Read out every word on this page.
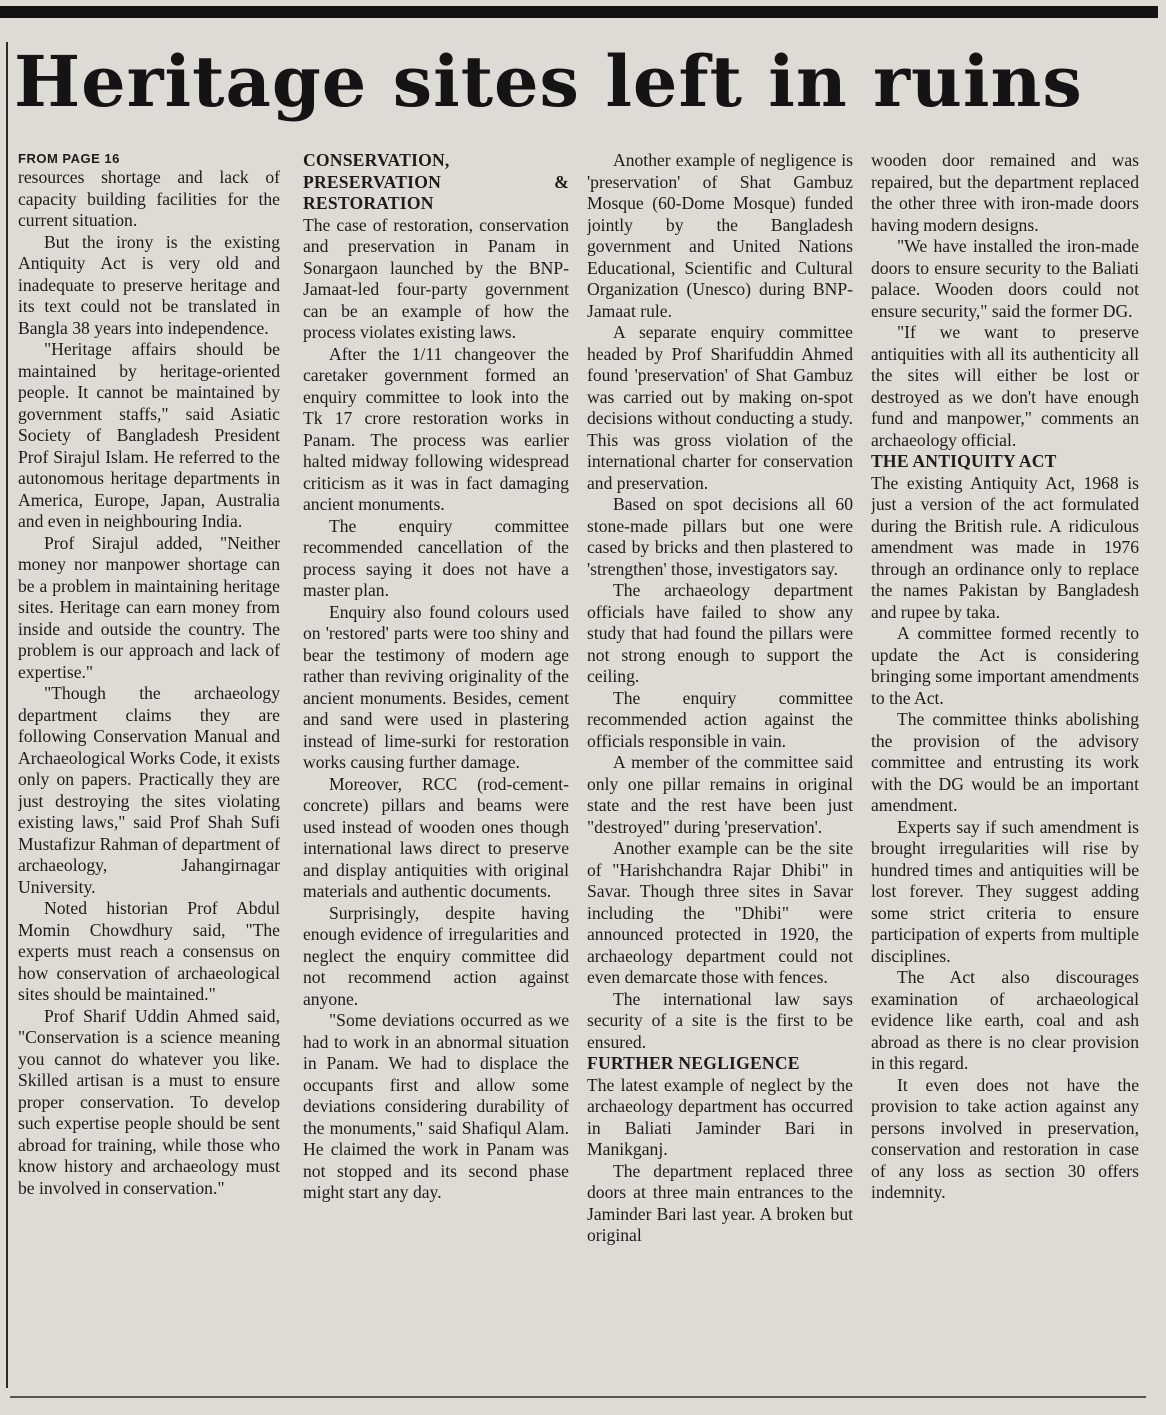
Heritage sites left in ruins
FROM PAGE 16

resources shortage and lack of capacity building facilities for the current situation.

But the irony is the existing Antiquity Act is very old and inadequate to preserve heritage and its text could not be translated in Bangla 38 years into independence.

"Heritage affairs should be maintained by heritage-oriented people. It cannot be maintained by government staffs," said Asiatic Society of Bangladesh President Prof Sirajul Islam. He referred to the autonomous heritage departments in America, Europe, Japan, Australia and even in neighbouring India.

Prof Sirajul added, "Neither money nor manpower shortage can be a problem in maintaining heritage sites. Heritage can earn money from inside and outside the country. The problem is our approach and lack of expertise."

"Though the archaeology department claims they are following Conservation Manual and Archaeological Works Code, it exists only on papers. Practically they are just destroying the sites violating existing laws," said Prof Shah Sufi Mustafizur Rahman of department of archaeology, Jahangirnagar University.

Noted historian Prof Abdul Momin Chowdhury said, "The experts must reach a consensus on how conservation of archaeological sites should be maintained."

Prof Sharif Uddin Ahmed said, "Conservation is a science meaning you cannot do whatever you like. Skilled artisan is a must to ensure proper conservation. To develop such expertise people should be sent abroad for training, while those who know history and archaeology must be involved in conservation."

CONSERVATION, PRESERVATION & RESTORATION

The case of restoration, conservation and preservation in Panam in Sonargaon launched by the BNP-Jamaat-led four-party government can be an example of how the process violates existing laws.

After the 1/11 changeover the caretaker government formed an enquiry committee to look into the Tk 17 crore restoration works in Panam. The process was earlier halted midway following widespread criticism as it was in fact damaging ancient monuments.

The enquiry committee recommended cancellation of the process saying it does not have a master plan.

Enquiry also found colours used on 'restored' parts were too shiny and bear the testimony of modern age rather than reviving originality of the ancient monuments. Besides, cement and sand were used in plastering instead of lime-surki for restoration works causing further damage.

Moreover, RCC (rod-cement-concrete) pillars and beams were used instead of wooden ones though international laws direct to preserve and display antiquities with original materials and authentic documents.

Surprisingly, despite having enough evidence of irregularities and neglect the enquiry committee did not recommend action against anyone.

"Some deviations occurred as we had to work in an abnormal situation in Panam. We had to displace the occupants first and allow some deviations considering durability of the monuments," said Shafiqul Alam. He claimed the work in Panam was not stopped and its second phase might start any day.

Another example of negligence is 'preservation' of Shat Gambuz Mosque (60-Dome Mosque) funded jointly by the Bangladesh government and United Nations Educational, Scientific and Cultural Organization (Unesco) during BNP-Jamaat rule.

A separate enquiry committee headed by Prof Sharifuddin Ahmed found 'preservation' of Shat Gambuz was carried out by making on-spot decisions without conducting a study. This was gross violation of the international charter for conservation and preservation.

Based on spot decisions all 60 stone-made pillars but one were cased by bricks and then plastered to 'strengthen' those, investigators say.

The archaeology department officials have failed to show any study that had found the pillars were not strong enough to support the ceiling.

The enquiry committee recommended action against the officials responsible in vain.

A member of the committee said only one pillar remains in original state and the rest have been just "destroyed" during 'preservation'.

Another example can be the site of "Harishchandra Rajar Dhibi" in Savar. Though three sites in Savar including the "Dhibi" were announced protected in 1920, the archaeology department could not even demarcate those with fences.

The international law says security of a site is the first to be ensured.

FURTHER NEGLIGENCE

The latest example of neglect by the archaeology department has occurred in Baliati Jaminder Bari in Manikganj.

The department replaced three doors at three main entrances to the Jaminder Bari last year. A broken but original

wooden door remained and was repaired, but the department replaced the other three with iron-made doors having modern designs.

"We have installed the iron-made doors to ensure security to the Baliati palace. Wooden doors could not ensure security," said the former DG.

"If we want to preserve antiquities with all its authenticity all the sites will either be lost or destroyed as we don't have enough fund and manpower," comments an archaeology official.

THE ANTIQUITY ACT

The existing Antiquity Act, 1968 is just a version of the act formulated during the British rule. A ridiculous amendment was made in 1976 through an ordinance only to replace the names Pakistan by Bangladesh and rupee by taka.

A committee formed recently to update the Act is considering bringing some important amendments to the Act.

The committee thinks abolishing the provision of the advisory committee and entrusting its work with the DG would be an important amendment.

Experts say if such amendment is brought irregularities will rise by hundred times and antiquities will be lost forever. They suggest adding some strict criteria to ensure participation of experts from multiple disciplines.

The Act also discourages examination of archaeological evidence like earth, coal and ash abroad as there is no clear provision in this regard.

It even does not have the provision to take action against any persons involved in preservation, conservation and restoration in case of any loss as section 30 offers indemnity.
